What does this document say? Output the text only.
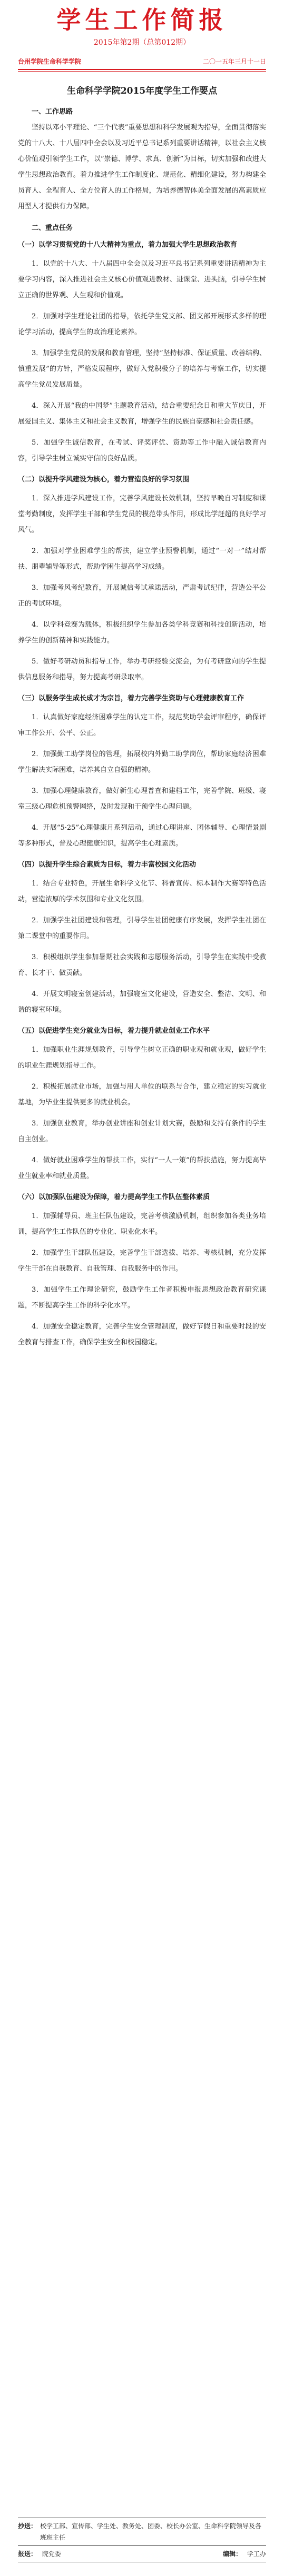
学生工作简报
2015年第2期（总第012期）
台州学院生命科学学院	二〇一五年三月十一日
生命科学学院2015年度学生工作要点
一、工作思路
坚持以邓小平理论、“三个代表”重要思想和科学发展观为指导，全面贯彻落实党的十八大、十八届四中全会以及习近平总书记系列重要讲话精神，以社会主义核心价值观引领学生工作，以“崇德、博学、求真、创新”为目标，切实加强和改进大学生思想政治教育。着力推进学生工作制度化、规范化、精细化建设，努力构建全员育人、全程育人、全方位育人的工作格局，为培养德智体美全面发展的高素质应用型人才提供有力保障。
二、重点任务
（一）以学习贯彻党的十八大精神为重点，着力加强大学生思想政治教育
1．以党的十八大、十八届四中全会以及习近平总书记系列重要讲话精神为主要学习内容，深入推进社会主义核心价值观进教材、进课堂、进头脑，引导学生树立正确的世界观、人生观和价值观。
2．加强对学生理论社团的指导，依托学生党支部、团支部开展形式多样的理论学习活动，提高学生的政治理论素养。
3．加强学生党员的发展和教育管理，坚持“坚持标准、保证质量、改善结构、慎重发展”的方针，严格发展程序，做好入党积极分子的培养与考察工作，切实提高学生党员发展质量。
4．深入开展“我的中国梦”主题教育活动，结合重要纪念日和重大节庆日，开展爱国主义、集体主义和社会主义教育，增强学生的民族自豪感和社会责任感。
5．加强学生诚信教育，在考试、评奖评优、资助等工作中融入诚信教育内容，引导学生树立诚实守信的良好品质。
（二）以提升学风建设为核心，着力营造良好的学习氛围
1．深入推进学风建设工作，完善学风建设长效机制，坚持早晚自习制度和课堂考勤制度，发挥学生干部和学生党员的模范带头作用，形成比学赶超的良好学习风气。
2．加强对学业困难学生的帮扶，建立学业预警机制，通过“一对一”结对帮扶、朋辈辅导等形式，帮助学困生提高学习成绩。
3．加强考风考纪教育，开展诚信考试承诺活动，严肃考试纪律，营造公平公正的考试环境。
4．以学科竞赛为载体，积极组织学生参加各类学科竞赛和科技创新活动，培养学生的创新精神和实践能力。
5．做好考研动员和指导工作，举办考研经验交流会，为有考研意向的学生提供信息服务和指导，努力提高考研录取率。
（三）以服务学生成长成才为宗旨，着力完善学生资助与心理健康教育工作
1．认真做好家庭经济困难学生的认定工作，规范奖助学金评审程序，确保评审工作公开、公平、公正。
2．加强勤工助学岗位的管理，拓展校内外勤工助学岗位，帮助家庭经济困难学生解决实际困难，培养其自立自强的精神。
3．加强心理健康教育，做好新生心理普查和建档工作，完善学院、班级、寝室三级心理危机预警网络，及时发现和干预学生心理问题。
4．开展“5·25”心理健康月系列活动，通过心理讲座、团体辅导、心理情景剧等多种形式，普及心理健康知识，提高学生心理素质。
（四）以提升学生综合素质为目标，着力丰富校园文化活动
1．结合专业特色，开展生命科学文化节、科普宣传、标本制作大赛等特色活动，营造浓厚的学术氛围和专业文化氛围。
2．加强学生社团建设和管理，引导学生社团健康有序发展，发挥学生社团在第二课堂中的重要作用。
3．积极组织学生参加暑期社会实践和志愿服务活动，引导学生在实践中受教育、长才干、做贡献。
4．开展文明寝室创建活动，加强寝室文化建设，营造安全、整洁、文明、和谐的寝室环境。
（五）以促进学生充分就业为目标，着力提升就业创业工作水平
1．加强职业生涯规划教育，引导学生树立正确的职业观和就业观，做好学生的职业生涯规划指导工作。
2．积极拓展就业市场，加强与用人单位的联系与合作，建立稳定的实习就业基地，为毕业生提供更多的就业机会。
3．加强创业教育，举办创业讲座和创业计划大赛，鼓励和支持有条件的学生自主创业。
4．做好就业困难学生的帮扶工作，实行“一人一策”的帮扶措施，努力提高毕业生就业率和就业质量。
（六）以加强队伍建设为保障，着力提高学生工作队伍整体素质
1．加强辅导员、班主任队伍建设，完善考核激励机制，组织参加各类业务培训，提高学生工作队伍的专业化、职业化水平。
2．加强学生干部队伍建设，完善学生干部选拔、培养、考核机制，充分发挥学生干部在自我教育、自我管理、自我服务中的作用。
3．加强学生工作理论研究，鼓励学生工作者积极申报思想政治教育研究课题，不断提高学生工作的科学化水平。
4．加强安全稳定教育，完善学生安全管理制度，做好节假日和重要时段的安全教育与排查工作，确保学生安全和校园稳定。
抄送： 校学工部、宣传部、学生处、教务处、团委、校长办公室、生命科学院领导及各班班主任
报送： 院党委	编辑： 学工办
